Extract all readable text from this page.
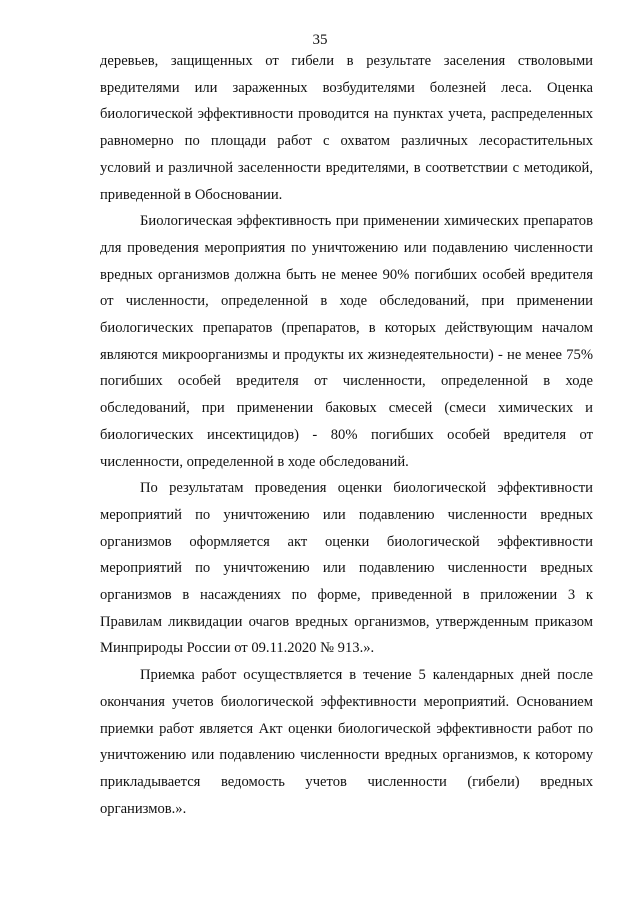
35

деревьев, защищенных от гибели в результате заселения стволовыми вредителями или зараженных возбудителями болезней леса. Оценка биологической эффективности проводится на пунктах учета, распределенных равномерно по площади работ с охватом различных лесорастительных условий и различной заселенности вредителями, в соответствии с методикой, приведенной в Обосновании.

Биологическая эффективность при применении химических препаратов для проведения мероприятия по уничтожению или подавлению численности вредных организмов должна быть не менее 90% погибших особей вредителя от численности, определенной в ходе обследований, при применении биологических препаратов (препаратов, в которых действующим началом являются микроорганизмы и продукты их жизнедеятельности) - не менее 75% погибших особей вредителя от численности, определенной в ходе обследований, при применении баковых смесей (смеси химических и биологических инсектицидов) - 80% погибших особей вредителя от численности, определенной в ходе обследований.

По результатам проведения оценки биологической эффективности мероприятий по уничтожению или подавлению численности вредных организмов оформляется акт оценки биологической эффективности мероприятий по уничтожению или подавлению численности вредных организмов в насаждениях по форме, приведенной в приложении 3 к Правилам ликвидации очагов вредных организмов, утвержденным приказом Минприроды России от 09.11.2020 № 913.».

Приемка работ осуществляется в течение 5 календарных дней после окончания учетов биологической эффективности мероприятий. Основанием приемки работ является Акт оценки биологической эффективности работ по уничтожению или подавлению численности вредных организмов, к которому прикладывается ведомость учетов численности (гибели) вредных организмов.».
